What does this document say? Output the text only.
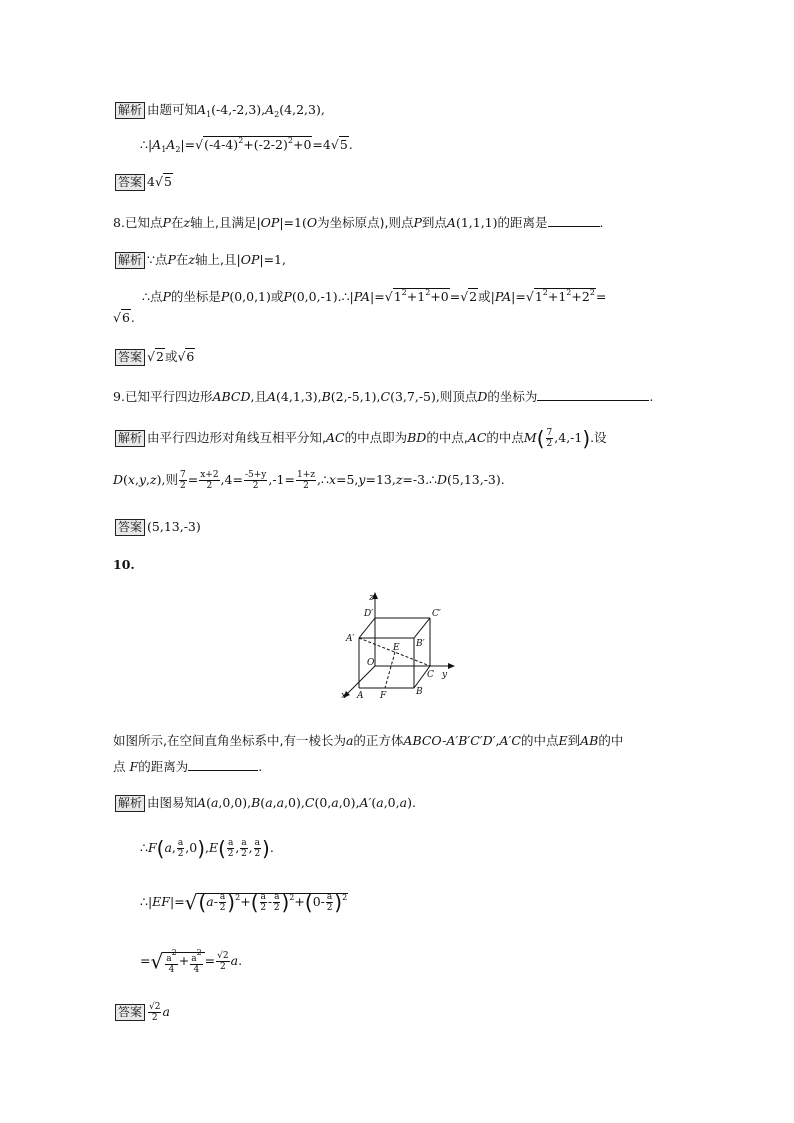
解析 由题可知$A_1(-4,-2,3),A_2(4,2,3)$,
$\therefore|A_1A_2|=√(-4-4)^2+(-2-2)^2+0=4√5$.
答案 4√5
8.已知点P在z轴上,且满足|OP|=1(O为坐标原点),则点P到点A(1,1,1)的距离是	.
解析 ∵点P在z轴上,且|OP|=1,
∴点P的坐标是P(0,0,1)或$P(0,0,-1).\therefore|PA|=√1^2+1^2+0=√2$或$|PA|=√1^2+1^2+2^2=$
√6.
答案 √2或√6
9.已知平行四边形ABCD,且A(4,1,3),B(2,-5,1),C(3,7,-5),则顶点D的坐标为	.
解析 由平行四边形对角线互相平分知,AC的中点即为BD的中点,AC的中点$M( \frac{7}{2} ,4,-1)$.设
D(x,y,z),则 $\frac{7}{2} = \frac{x+2}{2} ,4= \frac{-5+y}{2} ,-1= \frac{1+z}{2}$ ,∴x=5,y=13,z=-3.∴D(5,13,-3).
答案 (5,13,-3)
10.
z
D′	C′
A′	B′
E
O
C y
x A F	B
如图所示,在空间直角坐标系中,有一棱长为a的正方体ABCO-A′B′C′D′,A′C的中点E到AB的中
点 F的距离为	.
解析 由图易知A(a,0,0),B(a,a,0),C(0,a,0),A′(a,0,a).
∴F(a, $\frac{a}{2} ,0),E( \frac{a}{2}$ , $\frac{a}{2}$ , $\frac{a}{2}$ ).
∴|EF|=√(a- $\frac{a}{2} )^2+( \frac{a}{2} - \frac{a}{2} )^2+(0- \frac{a}{2} )^2$
=√ $\frac{a2}{4} + \frac{a2}{4} = \frac{√2}{2} a$.
答案 $\frac{√2}{2}$ a
